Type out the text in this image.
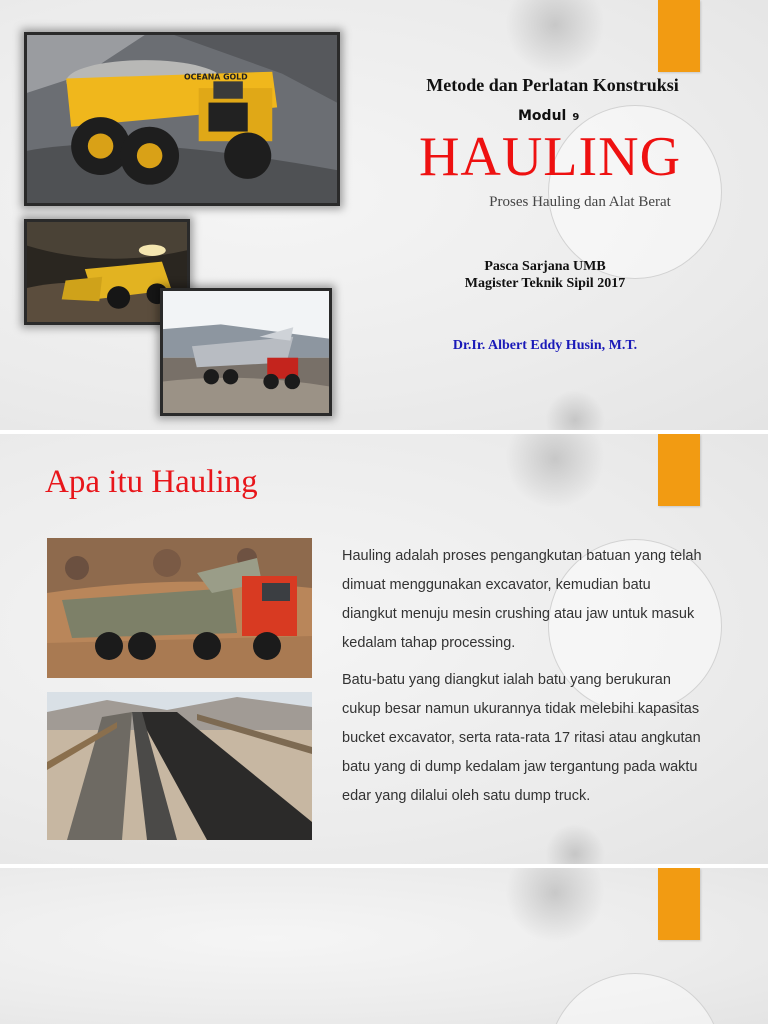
OCEANA GOLD	Metode dan Perlatan Konstruksi
Modul 9
HAULING
Proses Hauling dan Alat Berat
Pasca Sarjana UMB
Magister Teknik Sipil 2017
Dr.Ir. Albert Eddy Husin, M.T.
Apa itu Hauling
Hauling adalah proses pengangkutan batuan yang telah dimuat menggunakan excavator, kemudian batu diangkut menuju mesin crushing atau jaw untuk masuk kedalam tahap processing.
Batu-batu yang diangkut ialah batu yang berukuran cukup besar namun ukurannya tidak melebihi kapasitas bucket excavator, serta rata-rata 17 ritasi atau angkutan batu yang di dump kedalam jaw tergantung pada waktu edar yang dilalui oleh satu dump truck.
